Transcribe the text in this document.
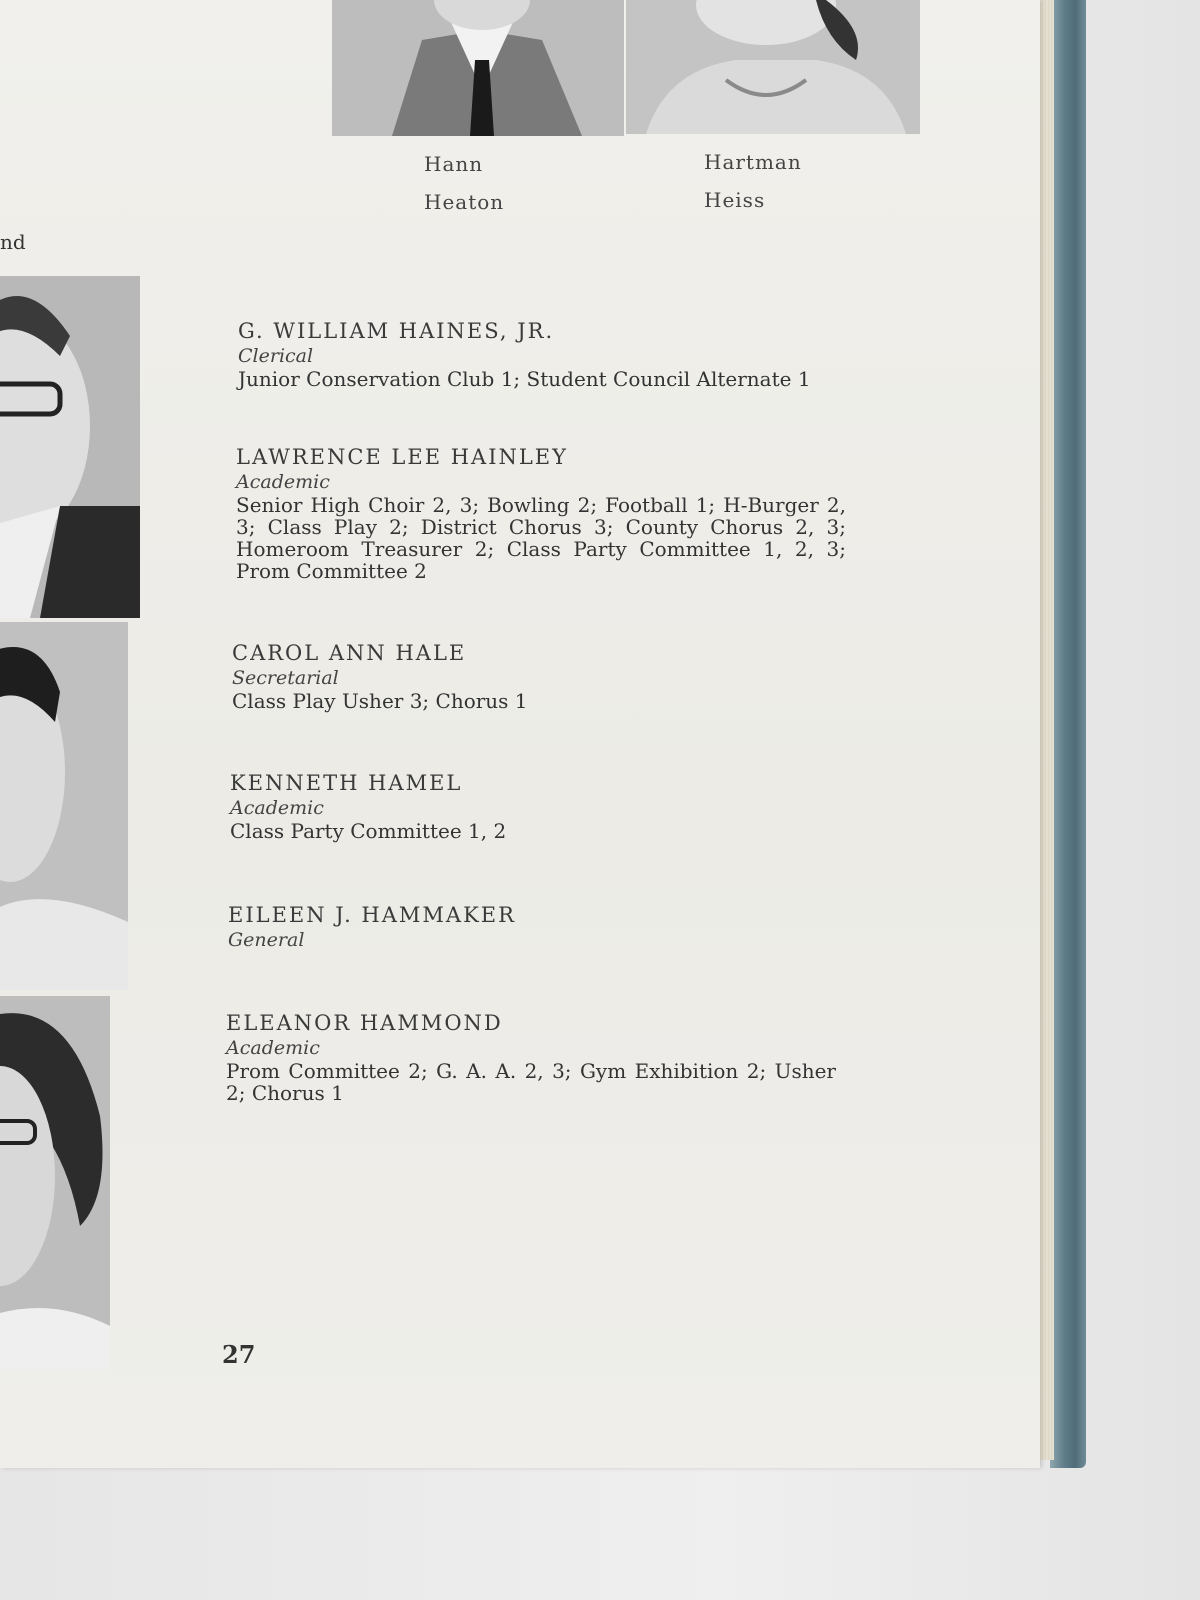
Hann
Heaton
Hartman
Heiss
nd
G. WILLIAM HAINES, JR.
Clerical
Junior Conservation Club 1; Student Council Alternate 1
LAWRENCE LEE HAINLEY
Academic
Senior High Choir 2, 3; Bowling 2; Football 1; H-Burger 2, 3; Class Play 2; District Chorus 3; County Chorus 2, 3; Homeroom Treasurer 2; Class Party Committee 1, 2, 3; Prom Committee 2
CAROL ANN HALE
Secretarial
Class Play Usher 3; Chorus 1
KENNETH HAMEL
Academic
Class Party Committee 1, 2
EILEEN J. HAMMAKER
General
ELEANOR HAMMOND
Academic
Prom Committee 2; G. A. A. 2, 3; Gym Exhibition 2; Usher 2; Chorus 1
27
